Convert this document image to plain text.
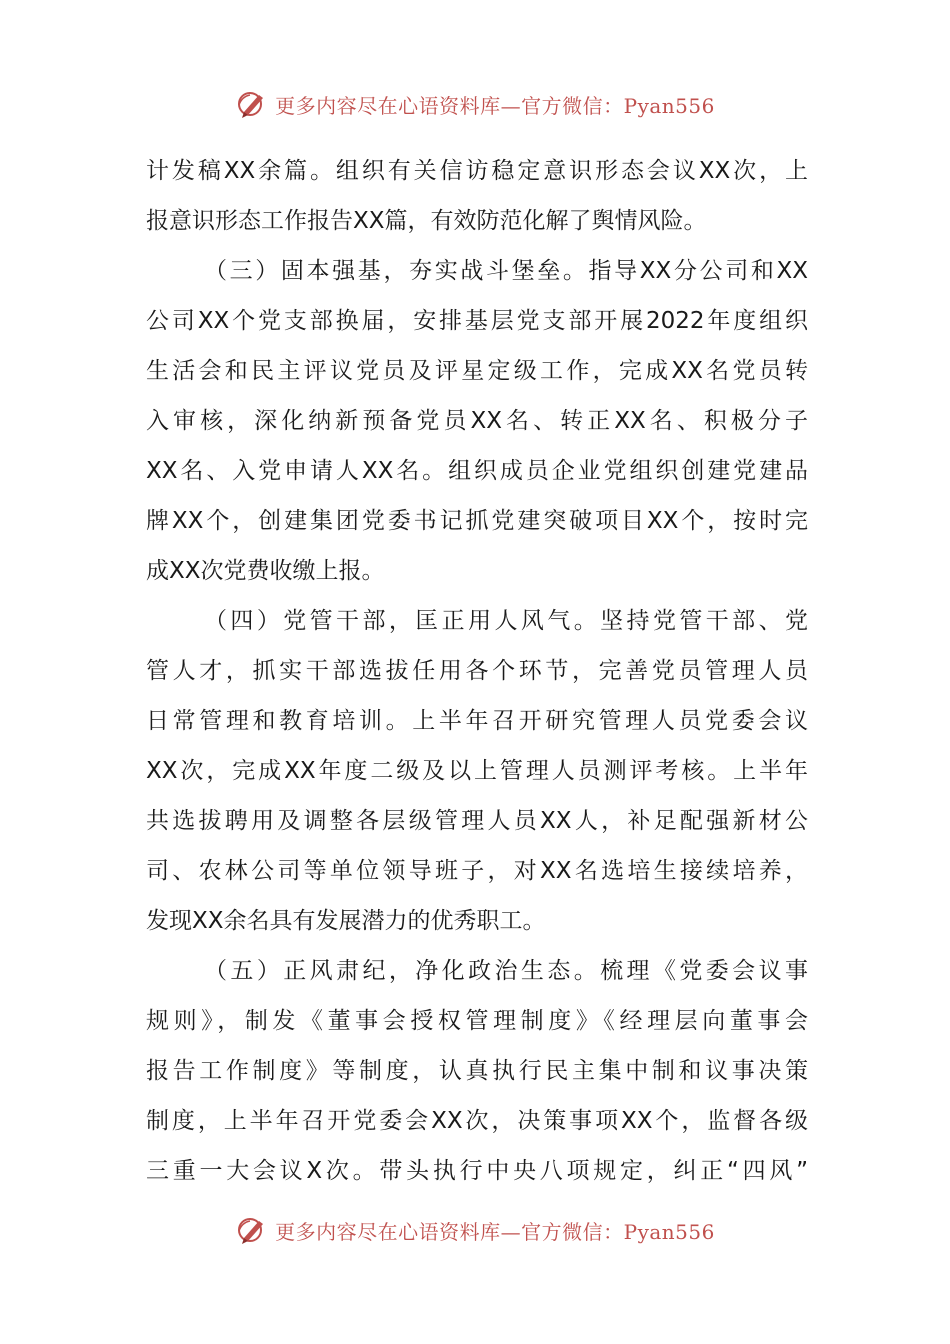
更多内容尽在心语资料库—官方微信：Pyan556
计发稿XX余篇。组织有关信访稳定意识形态会议XX次，上
报意识形态工作报告XX篇，有效防范化解了舆情风险。
（三）固本强基，夯实战斗堡垒。指导XX分公司和XX
公司XX个党支部换届，安排基层党支部开展2022年度组织
生活会和民主评议党员及评星定级工作，完成XX名党员转
入审核，深化纳新预备党员XX名、转正XX名、积极分子
XX名、入党申请人XX名。组织成员企业党组织创建党建品
牌XX个，创建集团党委书记抓党建突破项目XX个，按时完
成XX次党费收缴上报。
（四）党管干部，匡正用人风气。坚持党管干部、党
管人才，抓实干部选拔任用各个环节，完善党员管理人员
日常管理和教育培训。上半年召开研究管理人员党委会议
XX次，完成XX年度二级及以上管理人员测评考核。上半年
共选拔聘用及调整各层级管理人员XX人，补足配强新材公
司、农林公司等单位领导班子，对XX名选培生接续培养，
发现XX余名具有发展潜力的优秀职工。
（五）正风肃纪，净化政治生态。梳理《党委会议事
规则》，制发《董事会授权管理制度》《经理层向董事会
报告工作制度》等制度，认真执行民主集中制和议事决策
制度，上半年召开党委会XX次，决策事项XX个，监督各级
三重一大会议X次。带头执行中央八项规定，纠正“四风”
更多内容尽在心语资料库—官方微信：Pyan556
